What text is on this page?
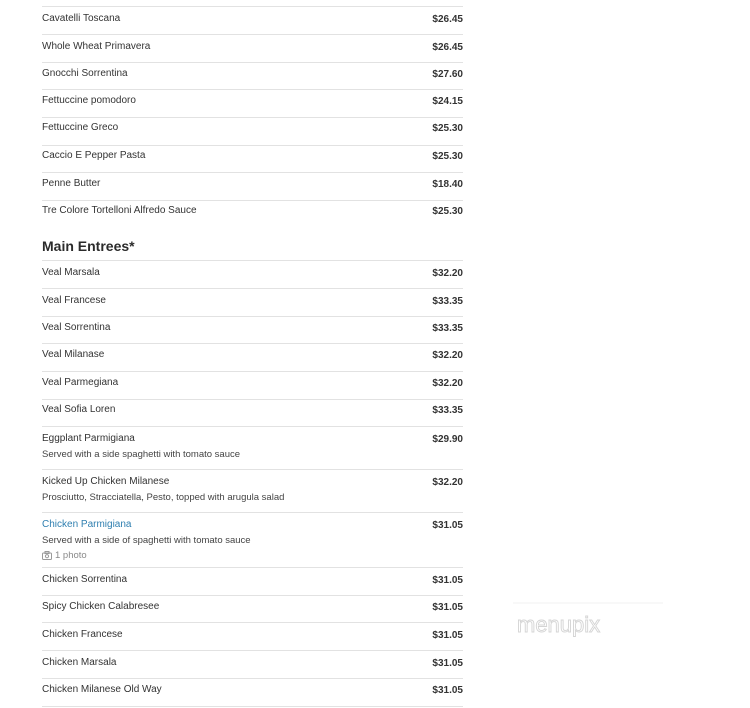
Cavatelli Toscana	$26.45
Whole Wheat Primavera	$26.45
Gnocchi Sorrentina	$27.60
Fettuccine pomodoro	$24.15
Fettuccine Greco	$25.30
Caccio E Pepper Pasta	$25.30
Penne Butter	$18.40
Tre Colore Tortelloni Alfredo Sauce	$25.30
Main Entrees*
Veal Marsala	$32.20
Veal Francese	$33.35
Veal Sorrentina	$33.35
Veal Milanase	$32.20
Veal Parmegiana	$32.20
Veal Sofia Loren	$33.35
Eggplant Parmigiana	$29.90
Served with a side spaghetti with tomato sauce
Kicked Up Chicken Milanese	$32.20
Prosciutto, Stracciatella, Pesto, topped with arugula salad
Chicken Parmigiana	$31.05
Served with a side of spaghetti with tomato sauce
1 photo
Chicken Sorrentina	$31.05
Spicy Chicken Calabresee	$31.05
Chicken Francese	$31.05
Chicken Marsala	$31.05
Chicken Milanese Old Way	$31.05
menupix
